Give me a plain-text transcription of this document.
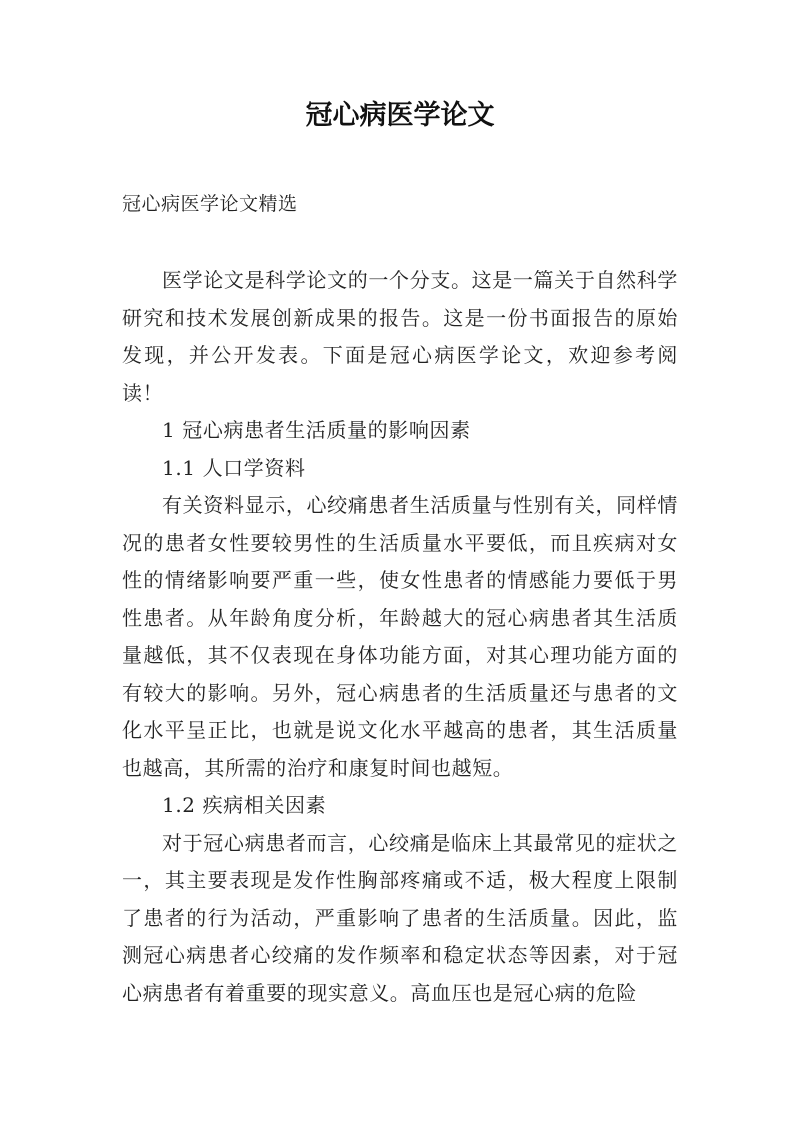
冠心病医学论文
冠心病医学论文精选

医学论文是科学论文的一个分支。这是一篇关于自然科学研究和技术发展创新成果的报告。这是一份书面报告的原始发现，并公开发表。下面是冠心病医学论文，欢迎参考阅读！

1 冠心病患者生活质量的影响因素

1.1 人口学资料

有关资料显示，心绞痛患者生活质量与性别有关，同样情况的患者女性要较男性的生活质量水平要低，而且疾病对女性的情绪影响要严重一些，使女性患者的情感能力要低于男性患者。从年龄角度分析，年龄越大的冠心病患者其生活质量越低，其不仅表现在身体功能方面，对其心理功能方面的有较大的影响。另外，冠心病患者的生活质量还与患者的文化水平呈正比，也就是说文化水平越高的患者，其生活质量也越高，其所需的治疗和康复时间也越短。

1.2 疾病相关因素

对于冠心病患者而言，心绞痛是临床上其最常见的症状之一，其主要表现是发作性胸部疼痛或不适，极大程度上限制了患者的行为活动，严重影响了患者的生活质量。因此，监测冠心病患者心绞痛的发作频率和稳定状态等因素，对于冠心病患者有着重要的现实意义。高血压也是冠心病的危险
